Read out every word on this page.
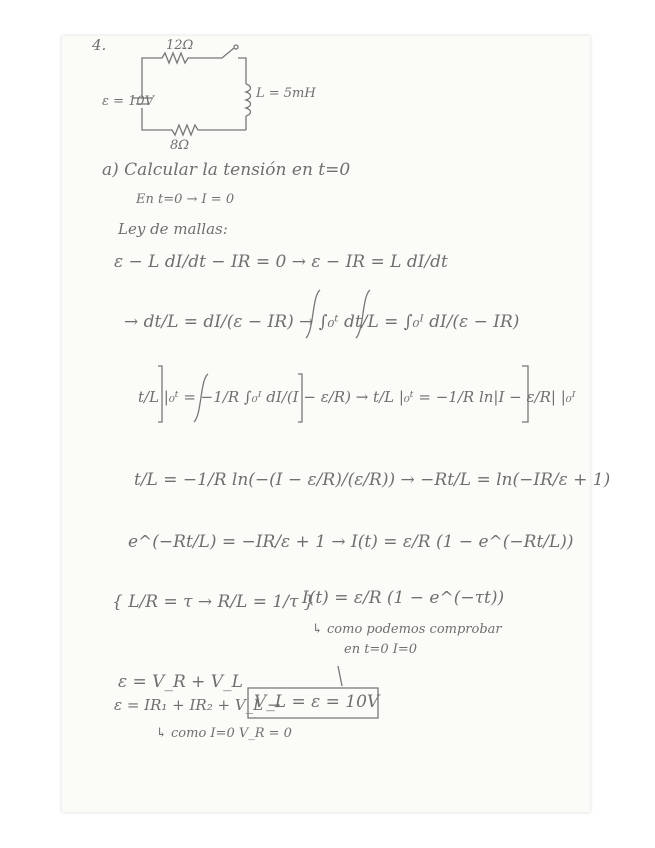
4.	12Ω
ε = 10V
L = 5mH
8Ω
a) Calcular la tensión en t=0
En t=0 → I = 0
Ley de mallas:
ε − L dI/dt − IR = 0 → ε − IR = L dI/dt
→ dt/L = dI/(ε − IR) → ∫₀ᵗ dt/L = ∫₀ᴵ dI/(ε − IR)
t/L |₀ᵗ = −1/R ∫₀ᴵ dI/(I − ε/R) → t/L |₀ᵗ = −1/R ln|I − ε/R| |₀ᴵ
t/L = −1/R ln(−(I − ε/R)/(ε/R)) → −Rt/L = ln(−IR/ε + 1)
e^(−Rt/L) = −IR/ε + 1 → I(t) = ε/R (1 − e^(−Rt/L))
{ L/R = τ → R/L = 1/τ }
I(t) = ε/R (1 − e^(−τt))
↳ como podemos comprobar
en t=0 I=0
ε = V_R + V_L
ε = IR₁ + IR₂ + V_L →
V_L = ε = 10V
↳ como I=0 V_R = 0
